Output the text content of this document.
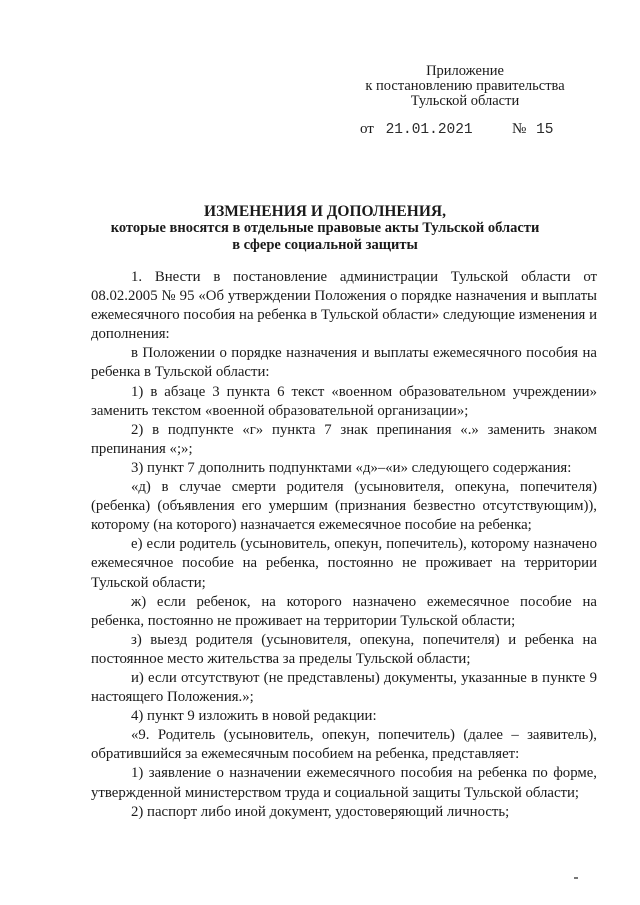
Приложение
к постановлению правительства
Тульской области
от 21.01.2021	№ 15
ИЗМЕНЕНИЯ И ДОПОЛНЕНИЯ,
которые вносятся в отдельные правовые акты Тульской области
в сфере социальной защиты

1. Внести в постановление администрации Тульской области от 08.02.2005 № 95 «Об утверждении Положения о порядке назначения и выплаты ежемесячного пособия на ребенка в Тульской области» следующие изменения и дополнения:

в Положении о порядке назначения и выплаты ежемесячного пособия на ребенка в Тульской области:

1) в абзаце 3 пункта 6 текст «военном образовательном учреждении» заменить текстом «военной образовательной организации»;

2) в подпункте «г» пункта 7 знак препинания «.» заменить знаком препинания «;»;

3) пункт 7 дополнить подпунктами «д»–«и» следующего содержания:

«д) в случае смерти родителя (усыновителя, опекуна, попечителя) (ребенка) (объявления его умершим (признания безвестно отсутствующим)), которому (на которого) назначается ежемесячное пособие на ребенка;

е) если родитель (усыновитель, опекун, попечитель), которому назначено ежемесячное пособие на ребенка, постоянно не проживает на территории Тульской области;

ж) если ребенок, на которого назначено ежемесячное пособие на ребенка, постоянно не проживает на территории Тульской области;

з) выезд родителя (усыновителя, опекуна, попечителя) и ребенка на постоянное место жительства за пределы Тульской области;

и) если отсутствуют (не представлены) документы, указанные в пункте 9 настоящего Положения.»;

4) пункт 9 изложить в новой редакции:

«9. Родитель (усыновитель, опекун, попечитель) (далее – заявитель), обратившийся за ежемесячным пособием на ребенка, представляет:

1) заявление о назначении ежемесячного пособия на ребенка по форме, утвержденной министерством труда и социальной защиты Тульской области;

2) паспорт либо иной документ, удостоверяющий личность;
